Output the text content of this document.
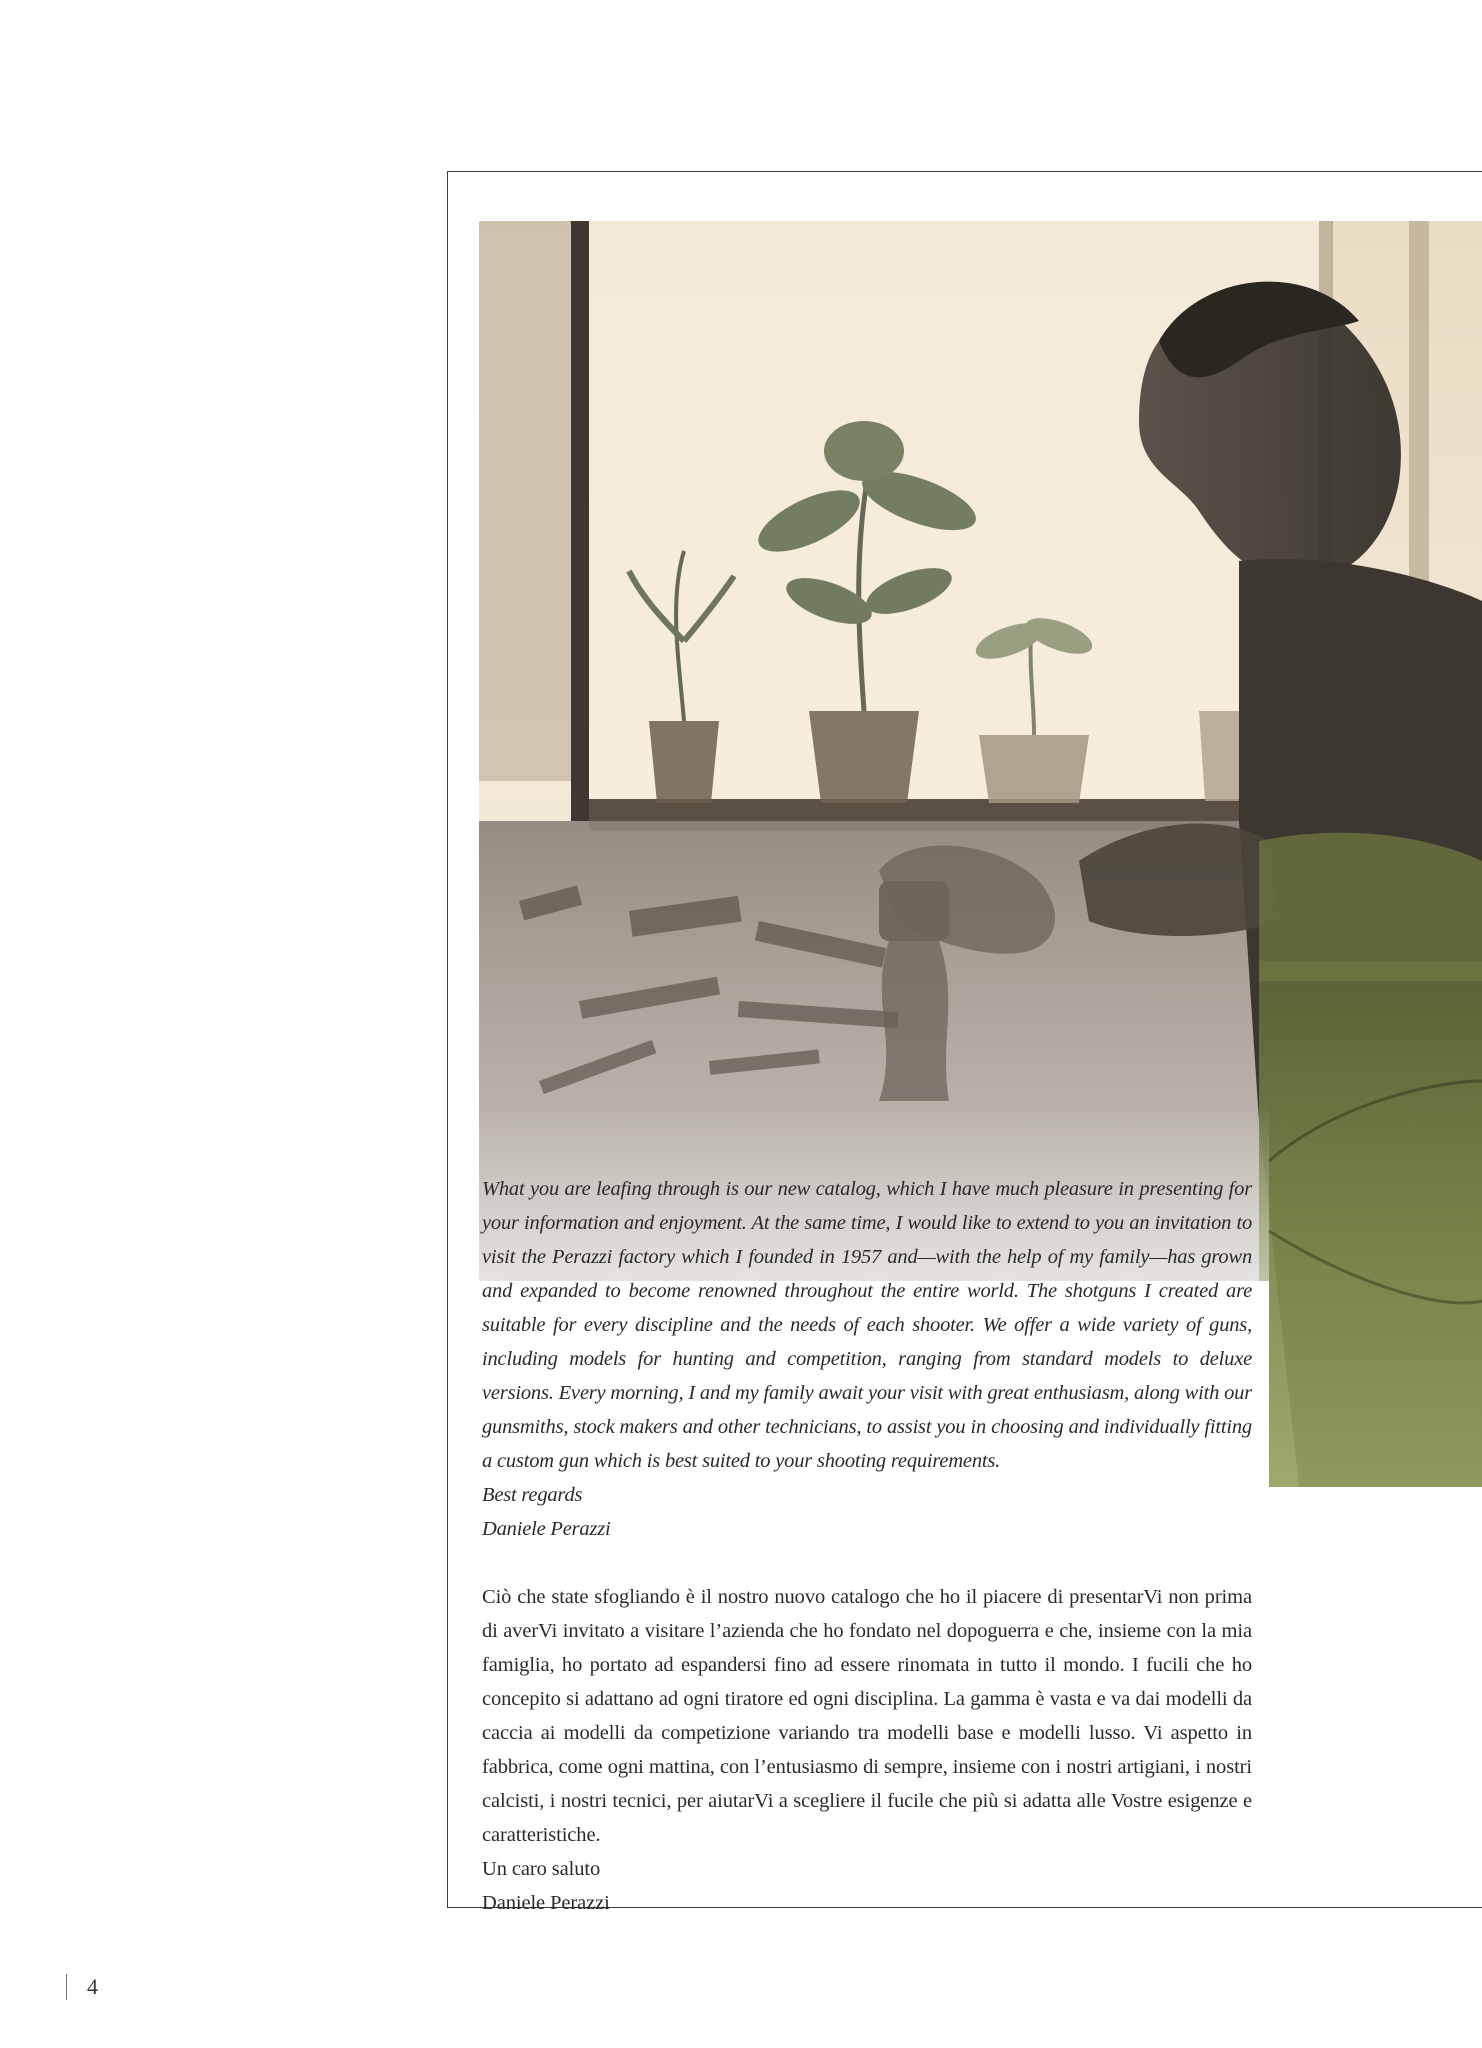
What you are leafing through is our new catalog, which I have much pleasure in presenting for your information and enjoyment. At the same time, I would like to extend to you an invitation to visit the Perazzi factory which I founded in 1957 and—with the help of my family—has grown and expanded to become renowned throughout the entire world. The shotguns I created are suitable for every discipline and the needs of each shooter. We offer a wide variety of guns, including models for hunting and competition, ranging from standard models to deluxe versions. Every morning, I and my family await your visit with great enthusiasm, along with our gunsmiths, stock makers and other technicians, to assist you in choosing and individually fitting a custom gun which is best suited to your shooting requirements.

Best regards

Daniele Perazzi

Ciò che state sfogliando è il nostro nuovo catalogo che ho il piacere di presentarVi non prima di averVi invitato a visitare l’azienda che ho fondato nel dopoguerra e che, insieme con la mia famiglia, ho portato ad espandersi fino ad essere rinomata in tutto il mondo. I fucili che ho concepito si adattano ad ogni tiratore ed ogni disciplina. La gamma è vasta e va dai modelli da caccia ai modelli da competizione variando tra modelli base e modelli lusso. Vi aspetto in fabbrica, come ogni mattina, con l’entusiasmo di sempre, insieme con i nostri artigiani, i nostri calcisti, i nostri tecnici, per aiutarVi a scegliere il fucile che più si adatta alle Vostre esigenze e caratteristiche.

Un caro saluto

Daniele Perazzi

4
